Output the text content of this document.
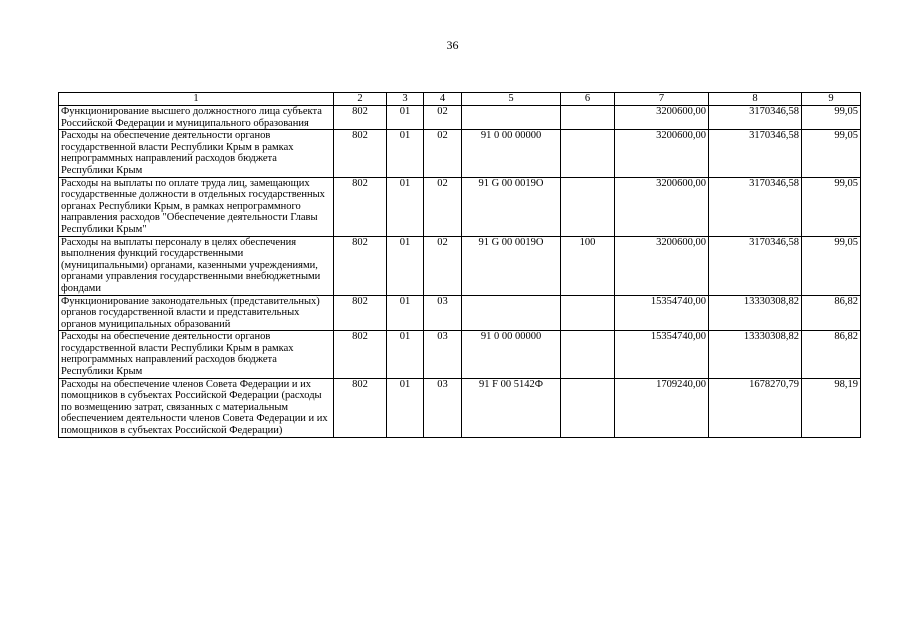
36
1	2	3	4	5	6	7	8	9
Функционирование высшего должностного лица субъекта Российской Федерации и муниципального образования	802	01	02			3200600,00	3170346,58	99,05
Расходы на обеспечение деятельности органов государственной власти Республики Крым в рамках непрограммных направлений расходов бюджета Республики Крым	802	01	02	91 0 00 00000		3200600,00	3170346,58	99,05
Расходы на выплаты по оплате труда лиц, замещающих государственные должности в отдельных государственных органах Республики Крым, в рамках непрограммного направления расходов "Обеспечение деятельности Главы Республики Крым"	802	01	02	91 G 00 0019О		3200600,00	3170346,58	99,05
Расходы на выплаты персоналу в целях обеспечения выполнения функций государственными (муниципальными) органами, казенными учреждениями, органами управления государственными внебюджетными фондами	802	01	02	91 G 00 0019О	100	3200600,00	3170346,58	99,05
Функционирование законодательных (представительных) органов государственной власти и представительных органов муниципальных образований	802	01	03			15354740,00	13330308,82	86,82
Расходы на обеспечение деятельности органов государственной власти Республики Крым в рамках непрограммных направлений расходов бюджета Республики Крым	802	01	03	91 0 00 00000		15354740,00	13330308,82	86,82
Расходы на обеспечение членов Совета Федерации и их помощников в субъектах Российской Федерации (расходы по возмещению затрат, связанных с материальным обеспечением деятельности членов Совета Федерации и их помощников в субъектах Российской Федерации)	802	01	03	91 F 00 5142Ф		1709240,00	1678270,79	98,19
